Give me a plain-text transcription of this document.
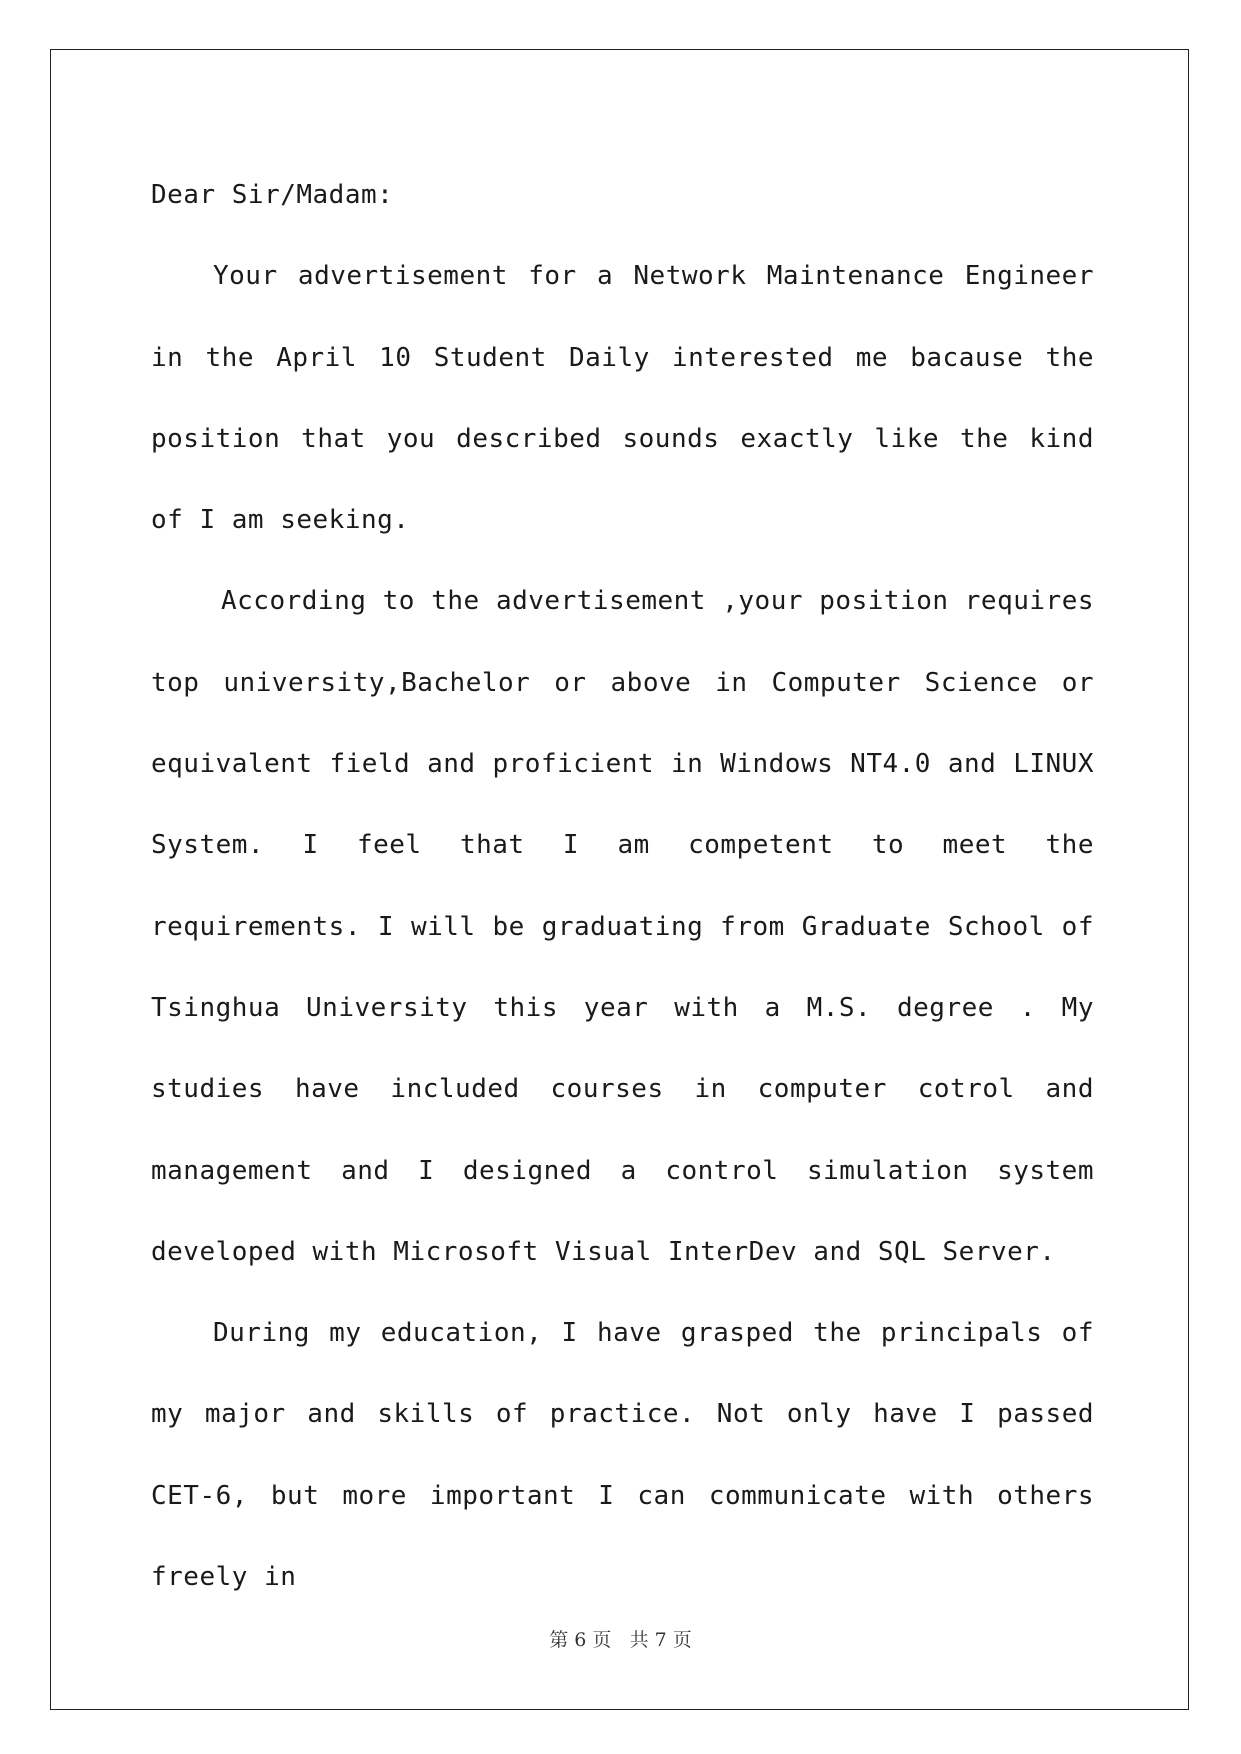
Dear Sir/Madam:

Your advertisement for a Network Maintenance Engineer in the April 10 Student Daily interested me bacause the position that you described sounds exactly like the kind of I am seeking.

According to the advertisement ,your position requires top university,Bachelor or above in Computer Science or equivalent field and proficient in Windows NT4.0 and LINUX System. I feel that I am competent to meet the requirements. I will be graduating from Graduate School of Tsinghua University this year with a M.S. degree . My studies have included courses in computer cotrol and management and I designed a control simulation system developed with Microsoft Visual InterDev and SQL Server.

During my education, I have grasped the principals of my major and skills of practice. Not only have I passed CET-6, but more important I can communicate with others freely in

第 6 页 共 7 页
